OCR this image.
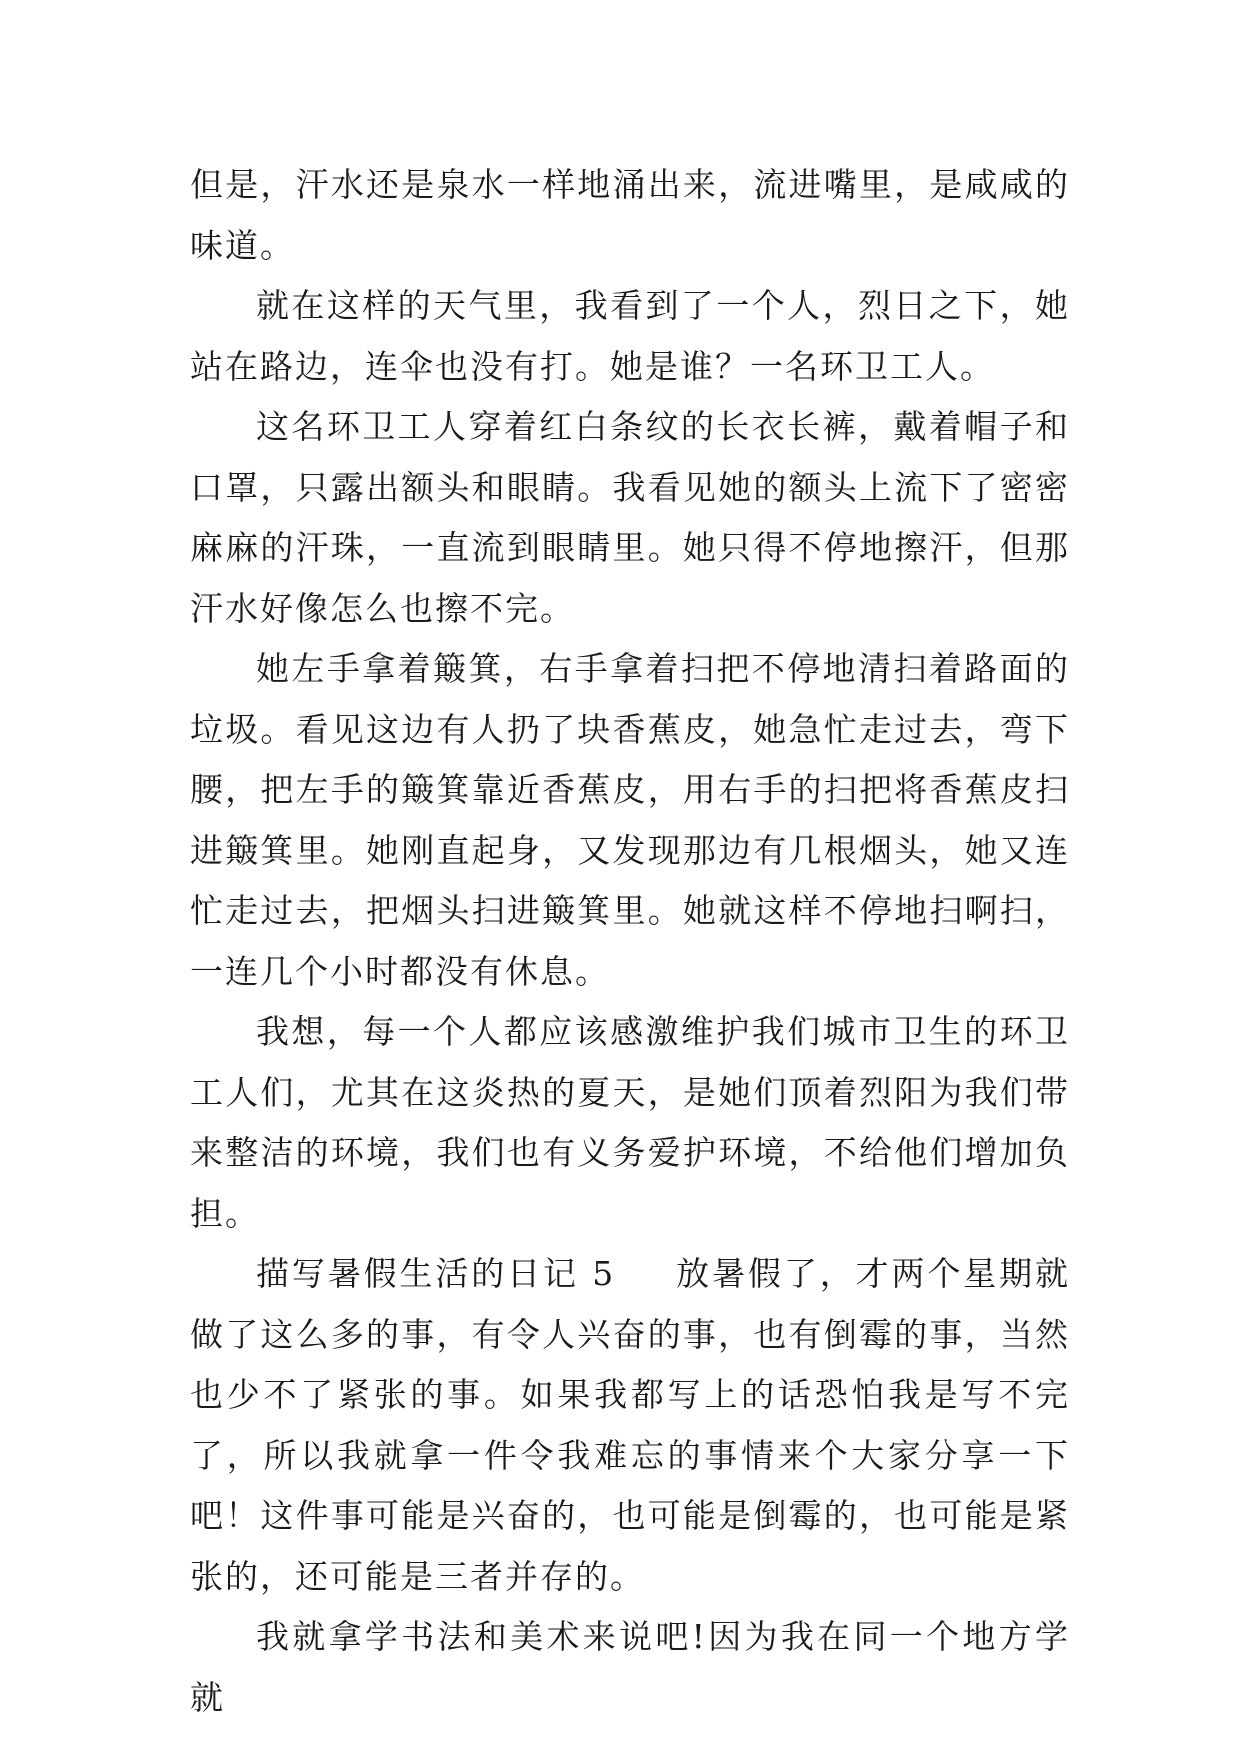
但是，汗水还是泉水一样地涌出来，流进嘴里，是咸咸的味道。

就在这样的天气里，我看到了一个人，烈日之下，她站在路边，连伞也没有打。她是谁？一名环卫工人。

这名环卫工人穿着红白条纹的长衣长裤，戴着帽子和口罩，只露出额头和眼睛。我看见她的额头上流下了密密麻麻的汗珠，一直流到眼睛里。她只得不停地擦汗，但那汗水好像怎么也擦不完。

她左手拿着簸箕，右手拿着扫把不停地清扫着路面的垃圾。看见这边有人扔了块香蕉皮，她急忙走过去，弯下腰，把左手的簸箕靠近香蕉皮，用右手的扫把将香蕉皮扫进簸箕里。她刚直起身，又发现那边有几根烟头，她又连忙走过去，把烟头扫进簸箕里。她就这样不停地扫啊扫，一连几个小时都没有休息。

我想，每一个人都应该感激维护我们城市卫生的环卫工人们，尤其在这炎热的夏天，是她们顶着烈阳为我们带来整洁的环境，我们也有义务爱护环境，不给他们增加负担。

描写暑假生活的日记 5 放暑假了，才两个星期就做了这么多的事，有令人兴奋的事，也有倒霉的事，当然也少不了紧张的事。如果我都写上的话恐怕我是写不完了，所以我就拿一件令我难忘的事情来个大家分享一下吧！这件事可能是兴奋的，也可能是倒霉的，也可能是紧张的，还可能是三者并存的。

我就拿学书法和美术来说吧!因为我在同一个地方学就
